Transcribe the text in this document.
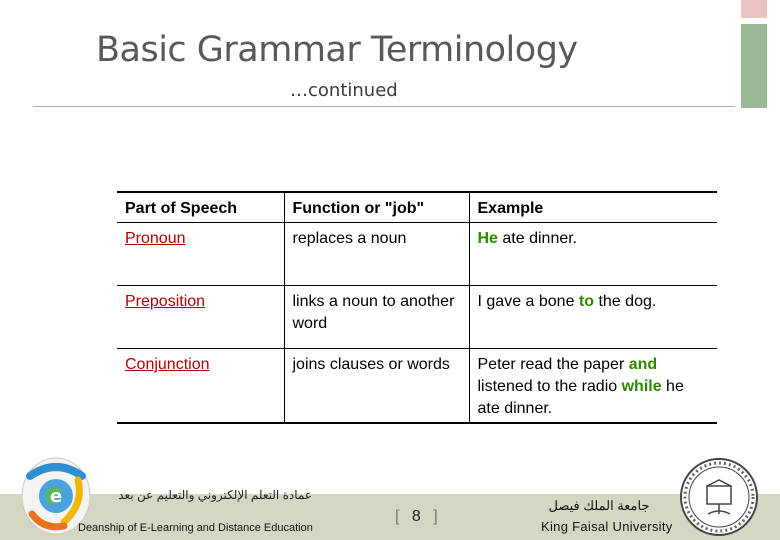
Basic Grammar Terminology
…continued
Part of Speech	Function or "job"	Example
Pronoun	replaces a noun	He ate dinner.
Preposition	links a noun to another word	I gave a bone to the dog.
Conjunction	joins clauses or words	Peter read the paper and listened to the radio while he ate dinner.
e	عمادة التعلم الإلكتروني والتعليم عن بعد
Deanship of E-Learning and Distance Education
[ 8 ]
جامعة الملك فيصل
King Faisal University
